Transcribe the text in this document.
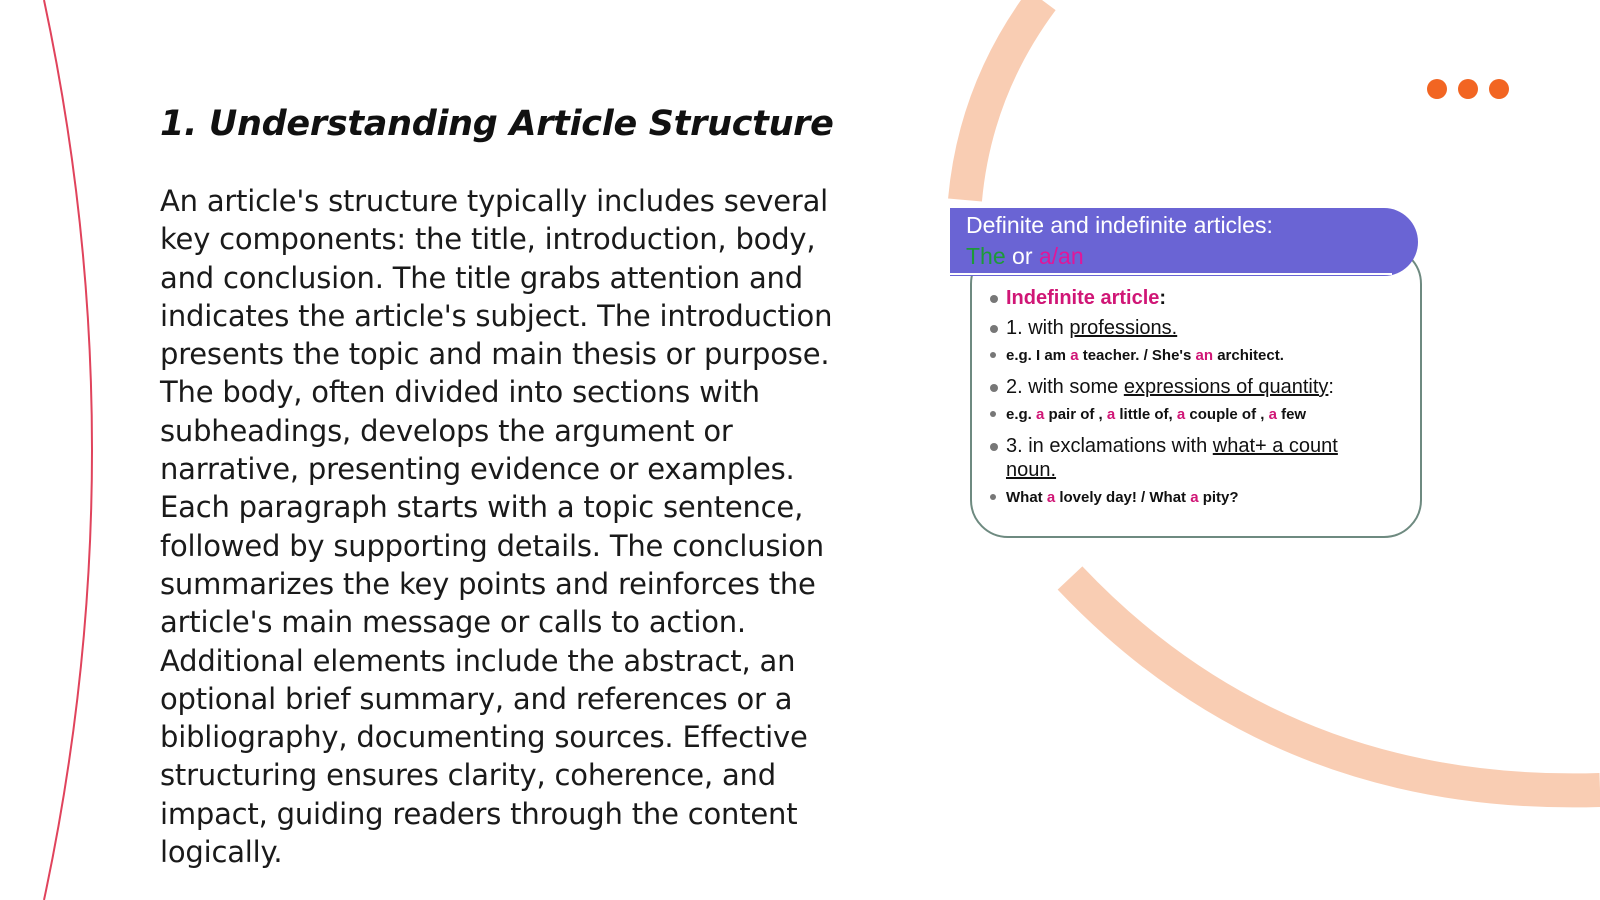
1. Understanding Article Structure

An article's structure typically includes several key components: the title, introduction, body, and conclusion. The title grabs attention and indicates the article's subject. The introduction presents the topic and main thesis or purpose. The body, often divided into sections with subheadings, develops the argument or narrative, presenting evidence or examples. Each paragraph starts with a topic sentence, followed by supporting details. The conclusion summarizes the key points and reinforces the article's main message or calls to action. Additional elements include the abstract, an optional brief summary, and references or a bibliography, documenting sources. Effective structuring ensures clarity, coherence, and impact, guiding readers through the content logically.

Definite and indefinite articles:
The or a/an
Indefinite article:
1. with professions.
e.g. I am a teacher. / She's an architect.
2. with some expressions of quantity:
e.g. a pair of , a little of, a couple of , a few
3. in exclamations with what+ a count noun.
What a lovely day! / What a pity?
